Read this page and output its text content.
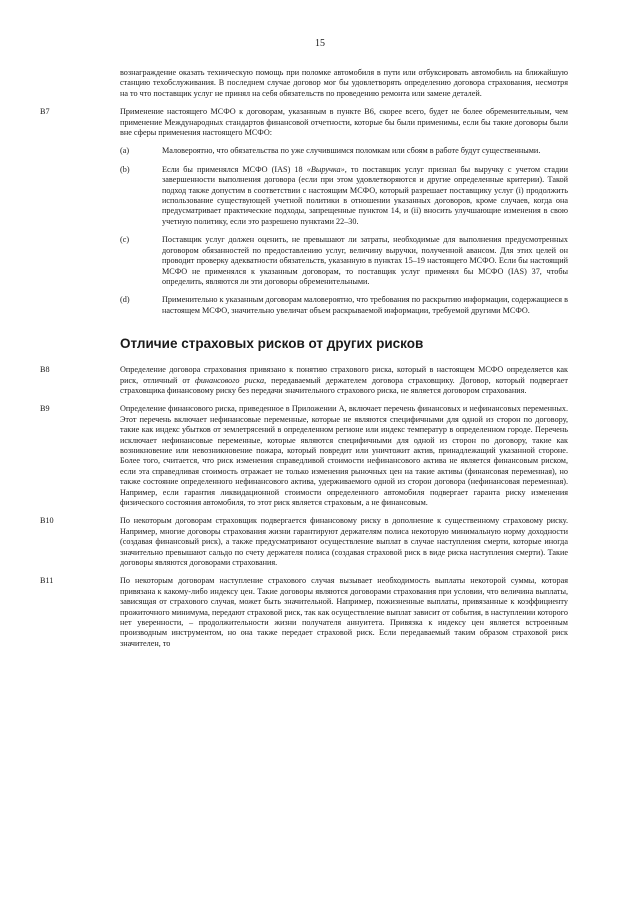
15
вознаграждение оказать техническую помощь при поломке автомобиля в пути или отбуксировать автомобиль на ближайшую станцию техобслуживания. В последнем случае договор мог бы удовлетворять определению договора страхования, несмотря на то что поставщик услуг не принял на себя обязательств по проведению ремонта или замене деталей.
B7	Применение настоящего МСФО к договорам, указанным в пункте B6, скорее всего, будет не более обременительным, чем применение Международных стандартов финансовой отчетности, которые бы были применимы, если бы такие договоры были вне сферы применения настоящего МСФО:
(a)	Маловероятно, что обязательства по уже случившимся поломкам или сбоям в работе будут существенными.
(b)	Если бы применялся МСФО (IAS) 18 «Выручка», то поставщик услуг признал бы выручку с учетом стадии завершенности выполнения договора (если при этом удовлетворяются и другие определенные критерии). Такой подход также допустим в соответствии с настоящим МСФО, который разрешает поставщику услуг (i) продолжить использование существующей учетной политики в отношении указанных договоров, кроме случаев, когда она предусматривает практические подходы, запрещенные пунктом 14, и (ii) вносить улучшающие изменения в свою учетную политику, если это разрешено пунктами 22–30.
(c)	Поставщик услуг должен оценить, не превышают ли затраты, необходимые для выполнения предусмотренных договором обязанностей по предоставлению услуг, величину выручки, полученной авансом. Для этих целей он проводит проверку адекватности обязательств, указанную в пунктах 15–19 настоящего МСФО. Если бы настоящий МСФО не применялся к указанным договорам, то поставщик услуг применял бы МСФО (IAS) 37, чтобы определить, являются ли эти договоры обременительными.
(d)	Применительно к указанным договорам маловероятно, что требования по раскрытию информации, содержащиеся в настоящем МСФО, значительно увеличат объем раскрываемой информации, требуемой другими МСФО.
Отличие страховых рисков от других рисков
B8	Определение договора страхования привязано к понятию страхового риска, который в настоящем МСФО определяется как риск, отличный от финансового риска, передаваемый держателем договора страховщику. Договор, который подвергает страховщика финансовому риску без передачи значительного страхового риска, не является договором страхования.
B9	Определение финансового риска, приведенное в Приложении A, включает перечень финансовых и нефинансовых переменных. Этот перечень включает нефинансовые переменные, которые не являются специфичными для одной из сторон по договору, такие как индекс убытков от землетрясений в определенном регионе или индекс температур в определенном городе. Перечень исключает нефинансовые переменные, которые являются специфичными для одной из сторон по договору, такие как возникновение или невозникновение пожара, который повредит или уничтожит актив, принадлежащий указанной стороне. Более того, считается, что риск изменения справедливой стоимости нефинансового актива не является финансовым риском, если эта справедливая стоимость отражает не только изменения рыночных цен на такие активы (финансовая переменная), но также состояние определенного нефинансового актива, удерживаемого одной из сторон договора (нефинансовая переменная). Например, если гарантия ликвидационной стоимости определенного автомобиля подвергает гаранта риску изменения физического состояния автомобиля, то этот риск является страховым, а не финансовым.
B10	По некоторым договорам страховщик подвергается финансовому риску в дополнение к существенному страховому риску. Например, многие договоры страхования жизни гарантируют держателям полиса некоторую минимальную норму доходности (создавая финансовый риск), а также предусматривают осуществление выплат в случае наступления смерти, которые иногда значительно превышают сальдо по счету держателя полиса (создавая страховой риск в виде риска наступления смерти). Такие договоры являются договорами страхования.
B11	По некоторым договорам наступление страхового случая вызывает необходимость выплаты некоторой суммы, которая привязана к какому-либо индексу цен. Такие договоры являются договорами страхования при условии, что величина выплаты, зависящая от страхового случая, может быть значительной. Например, пожизненные выплаты, привязанные к коэффициенту прожиточного минимума, передают страховой риск, так как осуществление выплат зависит от события, в наступлении которого нет уверенности, – продолжительности жизни получателя аннуитета. Привязка к индексу цен является встроенным производным инструментом, но она также передает страховой риск. Если передаваемый таким образом страховой риск значителен, то
